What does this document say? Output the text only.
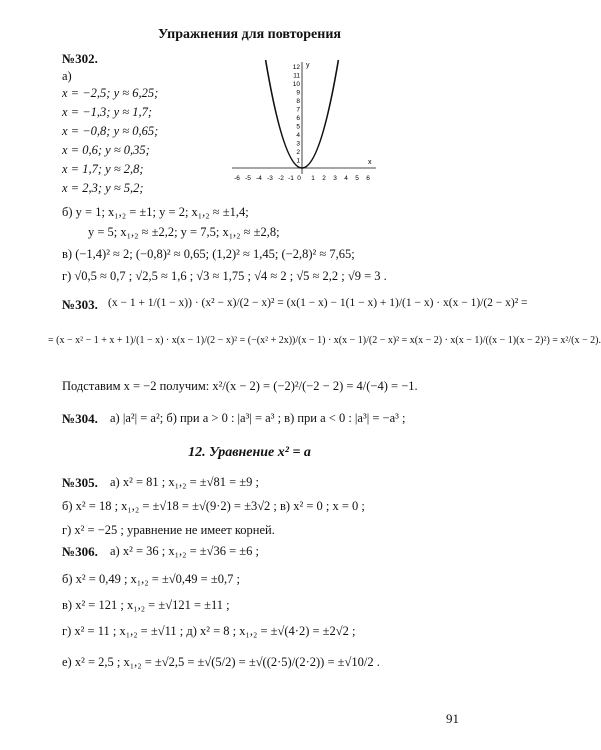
Упражнения для повторения
№302.
а)
x = −2,5; y ≈ 6,25;
x = −1,3; y ≈ 1,7;
x = −0,8; y ≈ 0,65;
x = 0,6; y ≈ 0,35;
x = 1,7; y ≈ 2,8;
x = 2,3; y ≈ 5,2;
y
x
12
11
10
9
8
7
6
5
4
3
2
1
-6 -5 -4 -3 -2 -1 0 1 2 3 4 5 6
б) y = 1; x₁,₂ = ±1; y = 2; x₁,₂ ≈ ±1,4;
y = 5; x₁,₂ ≈ ±2,2; y = 7,5; x₁,₂ ≈ ±2,8;
в) (−1,4)² ≈ 2; (−0,8)² ≈ 0,65; (1,2)² ≈ 1,45; (−2,8)² ≈ 7,65;
г) √0,5 ≈ 0,7 ; √2,5 ≈ 1,6 ; √3 ≈ 1,75 ; √4 ≈ 2 ; √5 ≈ 2,2 ; √9 = 3 .
№303. (x − 1 + 1/(1 − x)) · (x² − x)/(2 − x)² = (x(1 − x) − 1(1 − x) + 1)/(1 − x) · x(x − 1)/(2 − x)² =
= (x − x² − 1 + x + 1)/(1 − x) · x(x − 1)/(2 − x)² = (−(x² + 2x))/(x − 1) · x(x − 1)/(2 − x)² = x(x − 2) · x(x − 1)/((x − 1)(x − 2)²) = x²/(x − 2).
Подставим x = −2 получим: x²/(x − 2) = (−2)²/(−2 − 2) = 4/(−4) = −1.
№304. а) |a²| = a²; б) при a > 0 : |a³| = a³ ; в) при a < 0 : |a³| = −a³ ;
12. Уравнение x² = a
№305. а) x² = 81 ; x₁,₂ = ±√81 = ±9 ;
б) x² = 18 ; x₁,₂ = ±√18 = ±√(9·2) = ±3√2 ; в) x² = 0 ; x = 0 ;
г) x² = −25 ; уравнение не имеет корней.
№306. а) x² = 36 ; x₁,₂ = ±√36 = ±6 ;
б) x² = 0,49 ; x₁,₂ = ±√0,49 = ±0,7 ;
в) x² = 121 ; x₁,₂ = ±√121 = ±11 ;
г) x² = 11 ; x₁,₂ = ±√11 ; д) x² = 8 ; x₁,₂ = ±√(4·2) = ±2√2 ;
е) x² = 2,5 ; x₁,₂ = ±√2,5 = ±√(5/2) = ±√((2·5)/(2·2)) = ±√10/2 .
91
